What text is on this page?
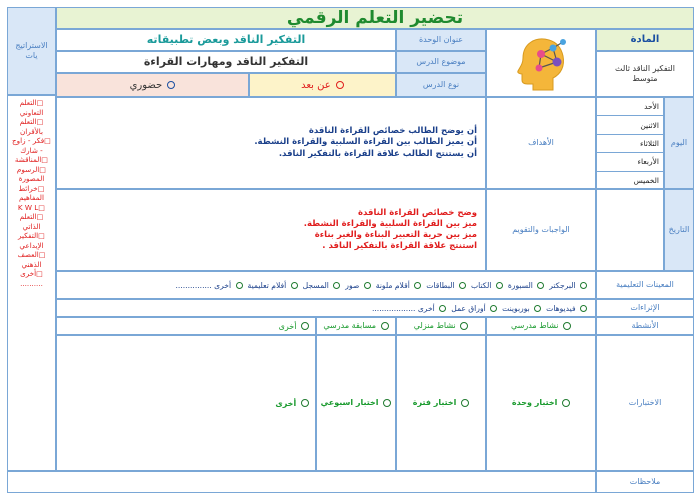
تحضير التعلم الرقمي
الاستراتيج يات
□التعلم التعاوني
□التعلم بالأقران
□فكر - زاوج - شارك
□المناقشة
□الرسوم المصورة
□خرائط المفاهيم
□K W L
□التعلم الذاتي
□التفكير الإبداعي
□العصف الذهني
□أخرى ..........
المادة
التفكير الناقد ثالث متوسط
عنوان الوحدة
التفكير الناقد وبعض تطبيقاته
موضوع الدرس
التفكير الناقد ومهارات القراءة
نوع الدرس
عن بعد
حضوري
اليوم
الأحد
الاثنين
الثلاثاء
الأربعاء
الخميس
التاريخ
الأهداف
أن يوضح الطالب خصائص القراءة الناقدة
أن يميز الطالب بين القراءة السلبية والقراءة النشطة.
أن يستنتج الطالب علاقة القراءة بالتفكير الناقد.
الواجبات والتقويم
وضح خصائص القراءة الناقدة
ميز بين القراءة السلبية والقراءة النشطة.
ميز بين حرية التعبير البناءة والغير بناءة
استنتج علاقة القراءة بالتفكير الناقد .
المعينات التعليمية
البرجكتر السبورة الكتاب البطاقات أقلام ملونة صور المسجل أفلام تعليمية أخرى ...............
الإثراءات
فيديوهات بوربوينت أوراق عمل أخرى ..................
الأنشطة

نشاط مدرسي

نشاط منزلي

مسابقة مدرسي
أخرى
الاختبارات

اختبار وحدة

اختبار فترة

اختبار اسبوعي
أخرى
ملاحظات
